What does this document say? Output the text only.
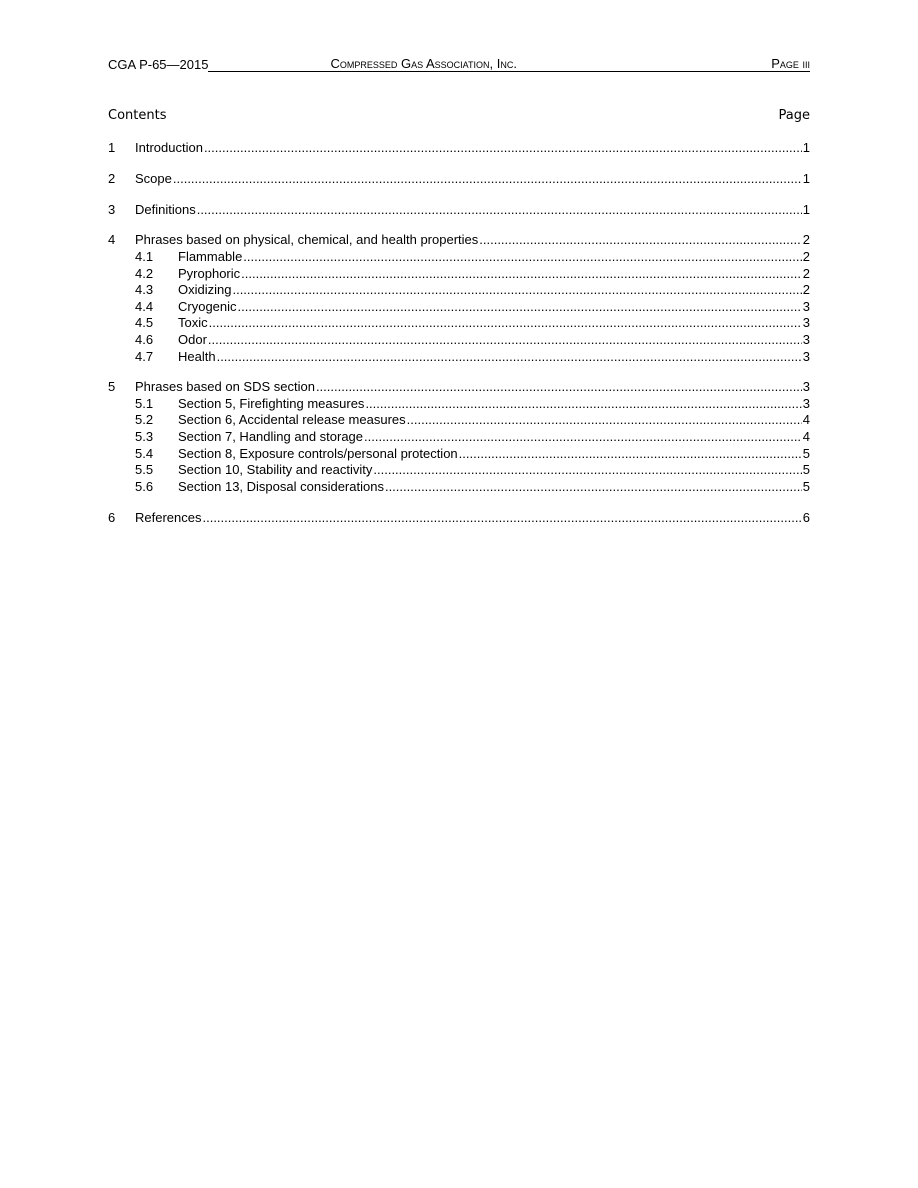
CGA P-65—2015	Compressed Gas Association, Inc.	Page iii
Contents	Page
1	Introduction .....	1
2	Scope .....	1
3	Definitions .....	1
4	Phrases based on physical, chemical, and health properties .....	2
4.1	Flammable .....	2
4.2	Pyrophoric .....	2
4.3	Oxidizing .....	2
4.4	Cryogenic .....	3
4.5	Toxic .....	3
4.6	Odor .....	3
4.7	Health .....	3
5	Phrases based on SDS section .....	3
5.1	Section 5, Firefighting measures .....	3
5.2	Section 6, Accidental release measures .....	4
5.3	Section 7, Handling and storage .....	4
5.4	Section 8, Exposure controls/personal protection .....	5
5.5	Section 10, Stability and reactivity .....	5
5.6	Section 13, Disposal considerations .....	5
6	References .....	6
